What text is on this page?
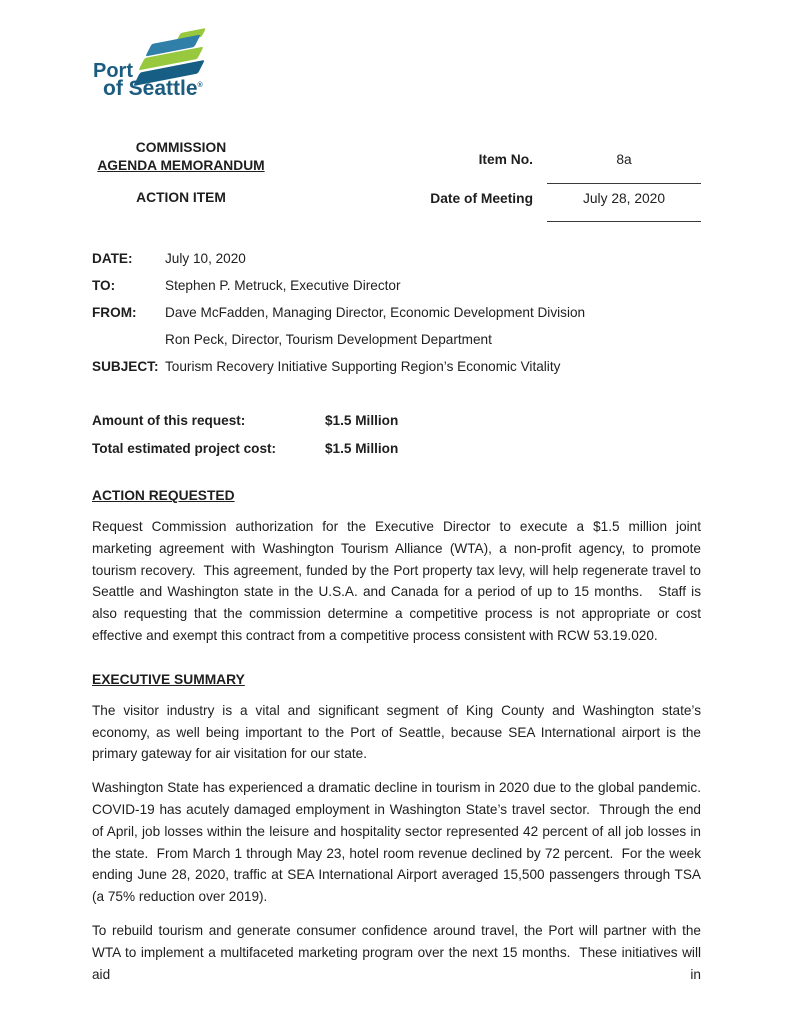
Port
of Seattle®
COMMISSION
AGENDA MEMORANDUM
ACTION ITEM
Item No.	8a
Date of Meeting	July 28, 2020
DATE:	July 10, 2020
TO:	Stephen P. Metruck, Executive Director
FROM:	Dave McFadden, Managing Director, Economic Development Division
Ron Peck, Director, Tourism Development Department
SUBJECT: Tourism Recovery Initiative Supporting Region’s Economic Vitality
Amount of this request:	$1.5 Million
Total estimated project cost:	$1.5 Million
ACTION REQUESTED

Request Commission authorization for the Executive Director to execute a $1.5 million joint marketing agreement with Washington Tourism Alliance (WTA), a non-profit agency, to promote tourism recovery.  This agreement, funded by the Port property tax levy, will help regenerate travel to Seattle and Washington state in the U.S.A. and Canada for a period of up to 15 months.   Staff is also requesting that the commission determine a competitive process is not appropriate or cost effective and exempt this contract from a competitive process consistent with RCW 53.19.020.

EXECUTIVE SUMMARY

The visitor industry is a vital and significant segment of King County and Washington state’s economy, as well being important to the Port of Seattle, because SEA International airport is the primary gateway for air visitation for our state.

Washington State has experienced a dramatic decline in tourism in 2020 due to the global pandemic.  COVID-19 has acutely damaged employment in Washington State’s travel sector.  Through the end of April, job losses within the leisure and hospitality sector represented 42 percent of all job losses in the state.  From March 1 through May 23, hotel room revenue declined by 72 percent.  For the week ending June 28, 2020, traffic at SEA International Airport averaged 15,500 passengers through TSA (a 75% reduction over 2019).

To rebuild tourism and generate consumer confidence around travel, the Port will partner with the WTA to implement a multifaceted marketing program over the next 15 months.  These initiatives will aid in
